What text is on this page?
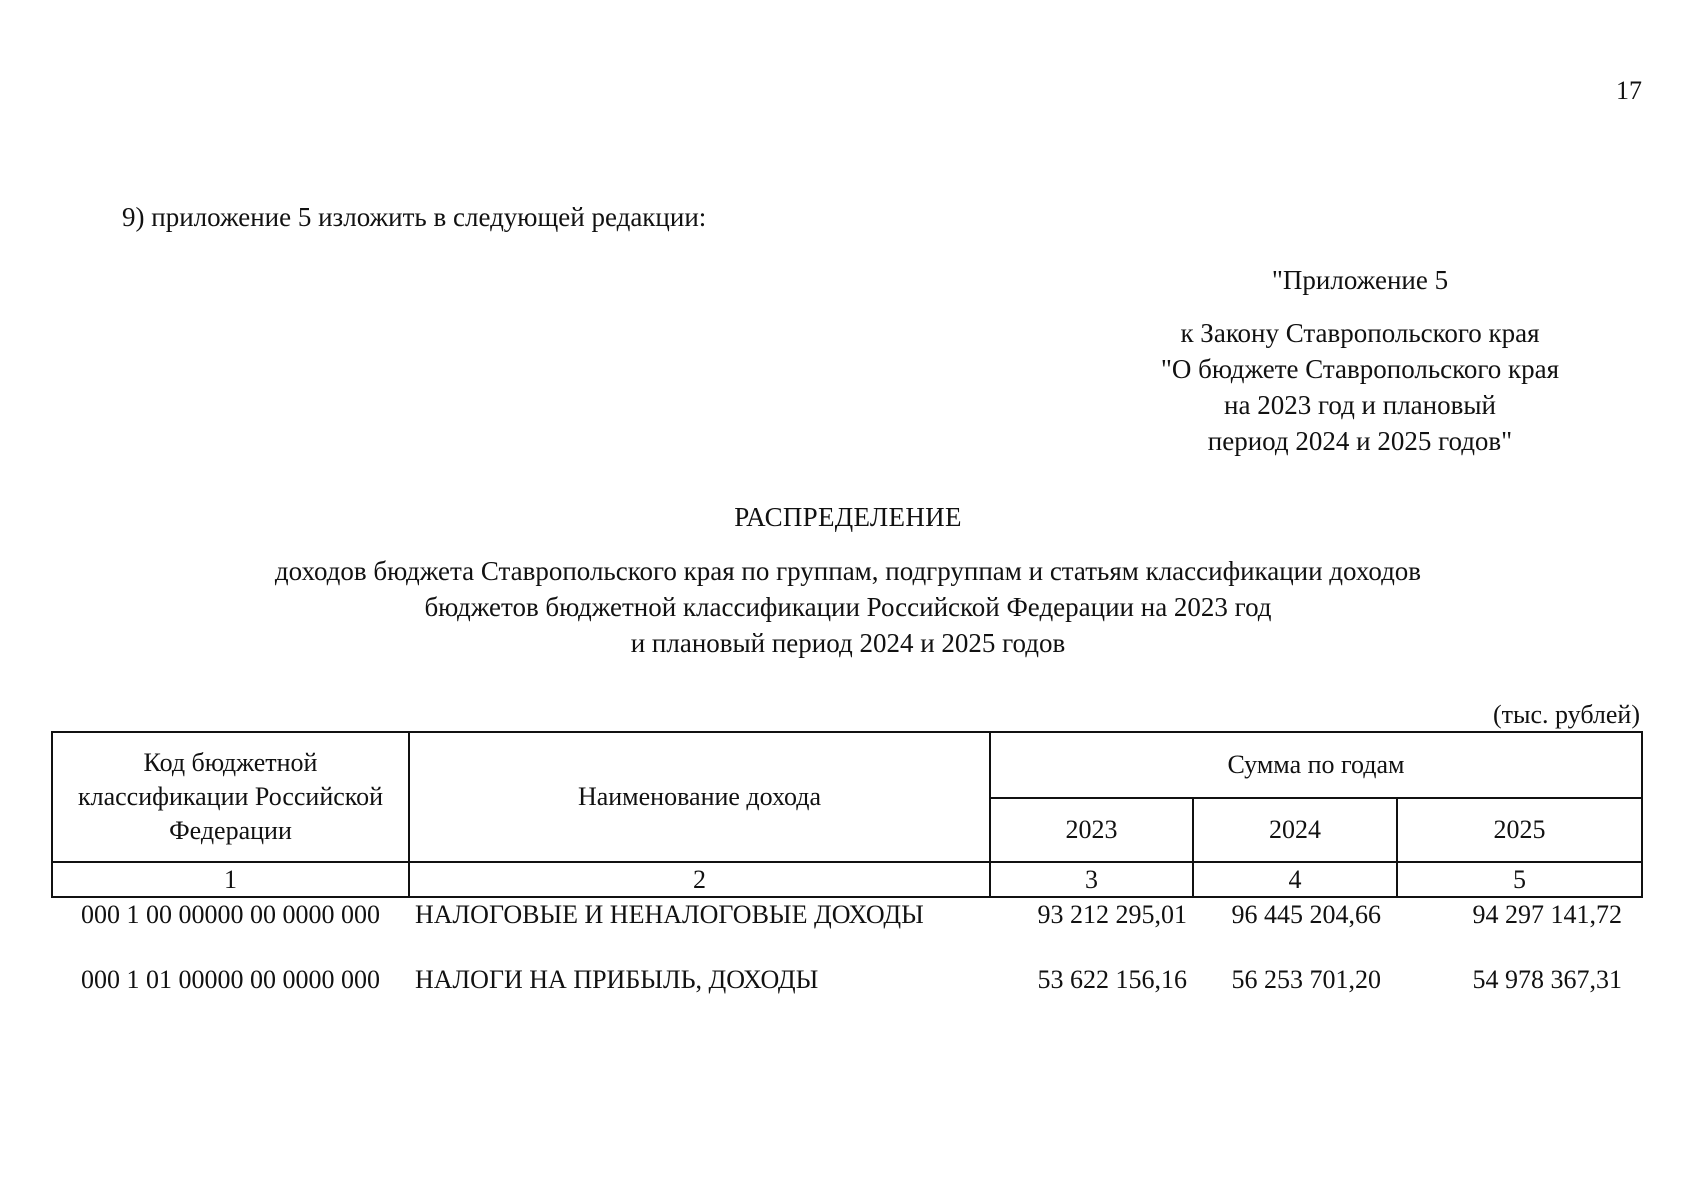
17
9) приложение 5 изложить в следующей редакции:
"Приложение 5
к Закону Ставропольского края
"О бюджете Ставропольского края
на 2023 год и плановый
период 2024 и 2025 годов"
РАСПРЕДЕЛЕНИЕ
доходов бюджета Ставропольского края по группам, подгруппам и статьям классификации доходов
бюджетов бюджетной классификации Российской Федерации на 2023 год
и плановый период 2024 и 2025 годов
(тыс. рублей)
Код бюджетной
классификации Российской
Федерации	Наименование дохода	Сумма по годам		
		2023	2024	2025
1	2	3	4	5
000 1 00 00000 00 0000 000	НАЛОГОВЫЕ И НЕНАЛОГОВЫЕ ДОХОДЫ	93 212 295,01	96 445 204,66	94 297 141,72
000 1 01 00000 00 0000 000	НАЛОГИ НА ПРИБЫЛЬ, ДОХОДЫ	53 622 156,16	56 253 701,20	54 978 367,31
